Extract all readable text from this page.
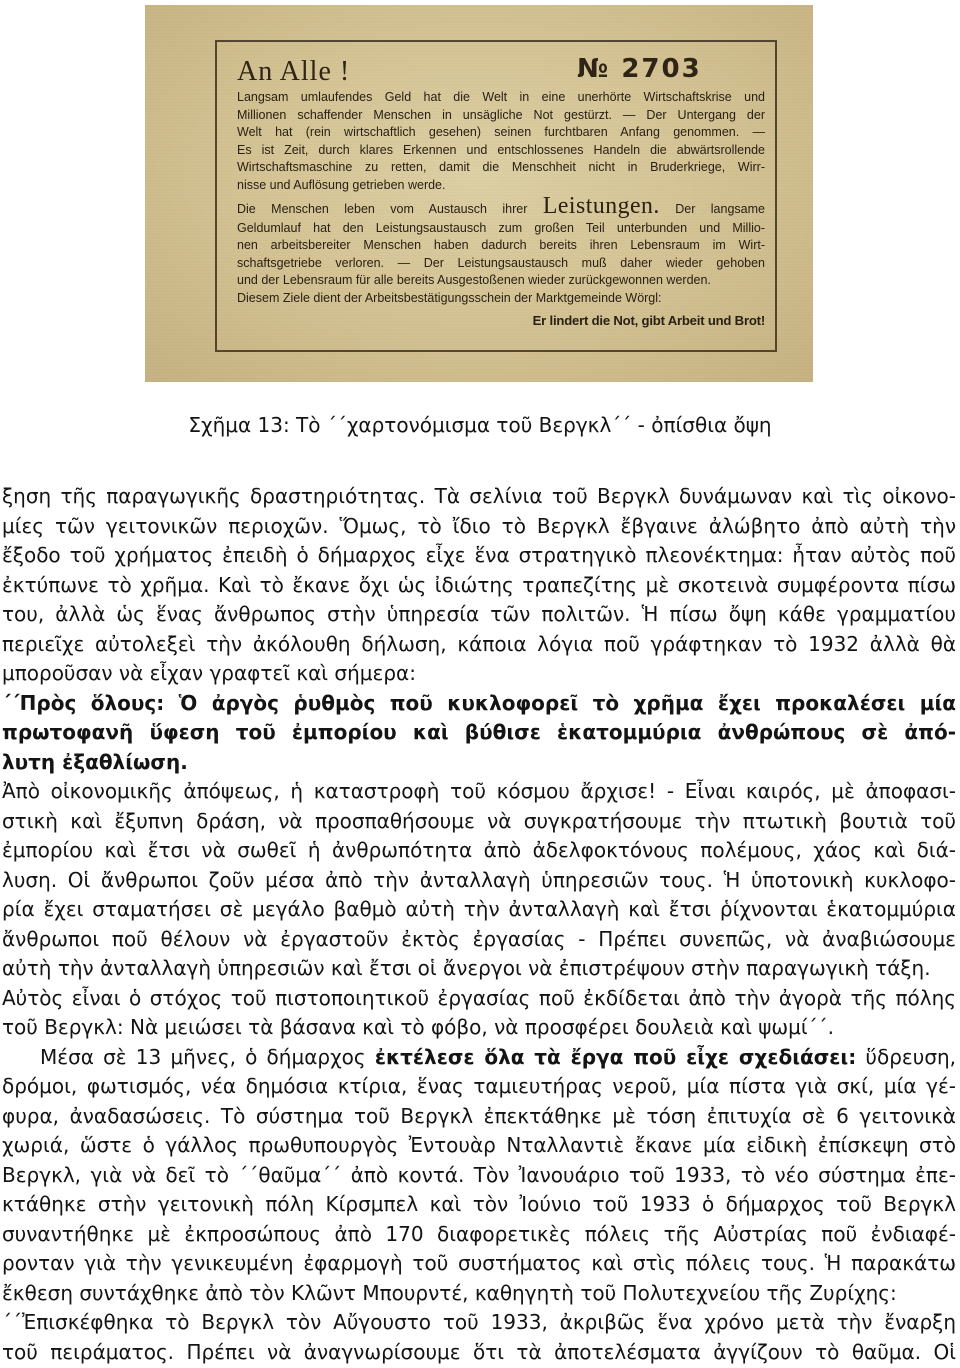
An Alle !	№ 2703
Langsam umlaufendes Geld hat die Welt in eine unerhörte Wirtschaftskrise und
Millionen schaffender Menschen in unsägliche Not gestürzt. — Der Untergang der
Welt hat (rein wirtschaftlich gesehen) seinen furchtbaren Anfang genommen. —
Es ist Zeit, durch klares Erkennen und entschlossenes Handeln die abwärtsrollende
Wirtschaftsmaschine zu retten, damit die Menschheit nicht in Bruderkriege, Wirr-
nisse und Auflösung getrieben werde.
Die Menschen leben vom Austausch ihrer Leistungen. Der langsame
Geldumlauf hat den Leistungsaustausch zum großen Teil unterbunden und Millio-
nen arbeitsbereiter Menschen haben dadurch bereits ihren Lebensraum im Wirt-
schaftsgetriebe verloren. — Der Leistungsaustausch muß daher wieder gehoben
und der Lebensraum für alle bereits Ausgestoßenen wieder zurückgewonnen werden.
Diesem Ziele dient der Arbeitsbestätigungsschein der Marktgemeinde Wörgl:
Er lindert die Not, gibt Arbeit und Brot!
Σχῆμα 13: Τὸ ΄΄χαρτονόμισμα τοῦ Βεργκλ΄΄ - ὀπίσθια ὄψη
ξηση τῆς παραγωγικῆς δραστηριότητας. Τὰ σελίνια τοῦ Βεργκλ δυνάμωναν καὶ τὶς οἰκονο-
μίες τῶν γειτονικῶν περιοχῶν. Ὅμως, τὸ ἴδιο τὸ Βεργκλ ἔβγαινε ἀλώβητο ἀπὸ αὐτὴ τὴν
ἔξοδο τοῦ χρήματος ἐπειδὴ ὁ δήμαρχος εἶχε ἕνα στρατηγικὸ πλεονέκτημα: ἦταν αὐτὸς ποῦ
ἐκτύπωνε τὸ χρῆμα. Καὶ τὸ ἔκανε ὄχι ὡς ἰδιώτης τραπεζίτης μὲ σκοτεινὰ συμφέροντα πίσω
του, ἀλλὰ ὡς ἕνας ἄνθρωπος στὴν ὑπηρεσία τῶν πολιτῶν. Ἡ πίσω ὄψη κάθε γραμματίου
περιεῖχε αὐτολεξεὶ τὴν ἀκόλουθη δήλωση, κάποια λόγια ποῦ γράφτηκαν τὸ 1932 ἀλλὰ θὰ
μποροῦσαν νὰ εἶχαν γραφτεῖ καὶ σήμερα:
΄΄Πρὸς ὅλους: Ὁ ἀργὸς ῥυθμὸς ποῦ κυκλοφορεῖ τὸ χρῆμα ἔχει προκαλέσει μία
πρωτοφανῆ ὕφεση τοῦ ἐμπορίου καὶ βύθισε ἑκατομμύρια ἀνθρώπους σὲ ἀπό-
λυτη ἐξαθλίωση.
Ἀπὸ οἰκονομικῆς ἀπόψεως, ἡ καταστροφὴ τοῦ κόσμου ἄρχισε! - Εἶναι καιρός, μὲ ἀποφασι-
στικὴ καὶ ἔξυπνη δράση, νὰ προσπαθήσουμε νὰ συγκρατήσουμε τὴν πτωτικὴ βουτιὰ τοῦ
ἐμπορίου καὶ ἔτσι νὰ σωθεῖ ἡ ἀνθρωπότητα ἀπὸ ἀδελφοκτόνους πολέμους, χάος καὶ διά-
λυση. Οἱ ἄνθρωποι ζοῦν μέσα ἀπὸ τὴν ἀνταλλαγὴ ὑπηρεσιῶν τους. Ἡ ὑποτονικὴ κυκλοφο-
ρία ἔχει σταματήσει σὲ μεγάλο βαθμὸ αὐτὴ τὴν ἀνταλλαγὴ καὶ ἔτσι ῥίχνονται ἑκατομμύρια
ἄνθρωποι ποῦ θέλουν νὰ ἐργαστοῦν ἐκτὸς ἐργασίας - Πρέπει συνεπῶς, νὰ ἀναβιώσουμε
αὐτὴ τὴν ἀνταλλαγὴ ὑπηρεσιῶν καὶ ἔτσι οἱ ἄνεργοι νὰ ἐπιστρέψουν στὴν παραγωγικὴ τάξη.
Αὐτὸς εἶναι ὁ στόχος τοῦ πιστοποιητικοῦ ἐργασίας ποῦ ἐκδίδεται ἀπὸ τὴν ἀγορὰ τῆς πόλης
τοῦ Βεργκλ: Νὰ μειώσει τὰ βάσανα καὶ τὸ φόβο, νὰ προσφέρει δουλειὰ καὶ ψωμί΄΄.
Μέσα σὲ 13 μῆνες, ὁ δήμαρχος ἐκτέλεσε ὅλα τὰ ἔργα ποῦ εἶχε σχεδιάσει: ὕδρευση,
δρόμοι, φωτισμός, νέα δημόσια κτίρια, ἕνας ταμιευτήρας νεροῦ, μία πίστα γιὰ σκί, μία γέ-
φυρα, ἀναδασώσεις. Τὸ σύστημα τοῦ Βεργκλ ἐπεκτάθηκε μὲ τόση ἐπιτυχία σὲ 6 γειτονικὰ
χωριά, ὥστε ὁ γάλλος πρωθυπουργὸς Ἐντουὰρ Νταλλαντιὲ ἔκανε μία εἰδικὴ ἐπίσκεψη στὸ
Βεργκλ, γιὰ νὰ δεῖ τὸ ΄΄θαῦμα΄΄ ἀπὸ κοντά. Τὸν Ἰανουάριο τοῦ 1933, τὸ νέο σύστημα ἐπε-
κτάθηκε στὴν γειτονικὴ πόλη Κίρσμπελ καὶ τὸν Ἰούνιο τοῦ 1933 ὁ δήμαρχος τοῦ Βεργκλ
συναντήθηκε μὲ ἐκπροσώπους ἀπὸ 170 διαφορετικὲς πόλεις τῆς Αὐστρίας ποῦ ἐνδιαφέ-
ρονταν γιὰ τὴν γενικευμένη ἐφαρμογὴ τοῦ συστήματος καὶ στὶς πόλεις τους. Ἡ παρακάτω
ἔκθεση συντάχθηκε ἀπὸ τὸν Κλῶντ Μπουρντέ, καθηγητὴ τοῦ Πολυτεχνείου τῆς Ζυρίχης:
΄΄Ἐπισκέφθηκα τὸ Βεργκλ τὸν Αὔγουστο τοῦ 1933, ἀκριβῶς ἕνα χρόνο μετὰ τὴν ἔναρξη
τοῦ πειράματος. Πρέπει νὰ ἀναγνωρίσουμε ὅτι τὰ ἀποτελέσματα ἀγγίζουν τὸ θαῦμα. Οἱ
